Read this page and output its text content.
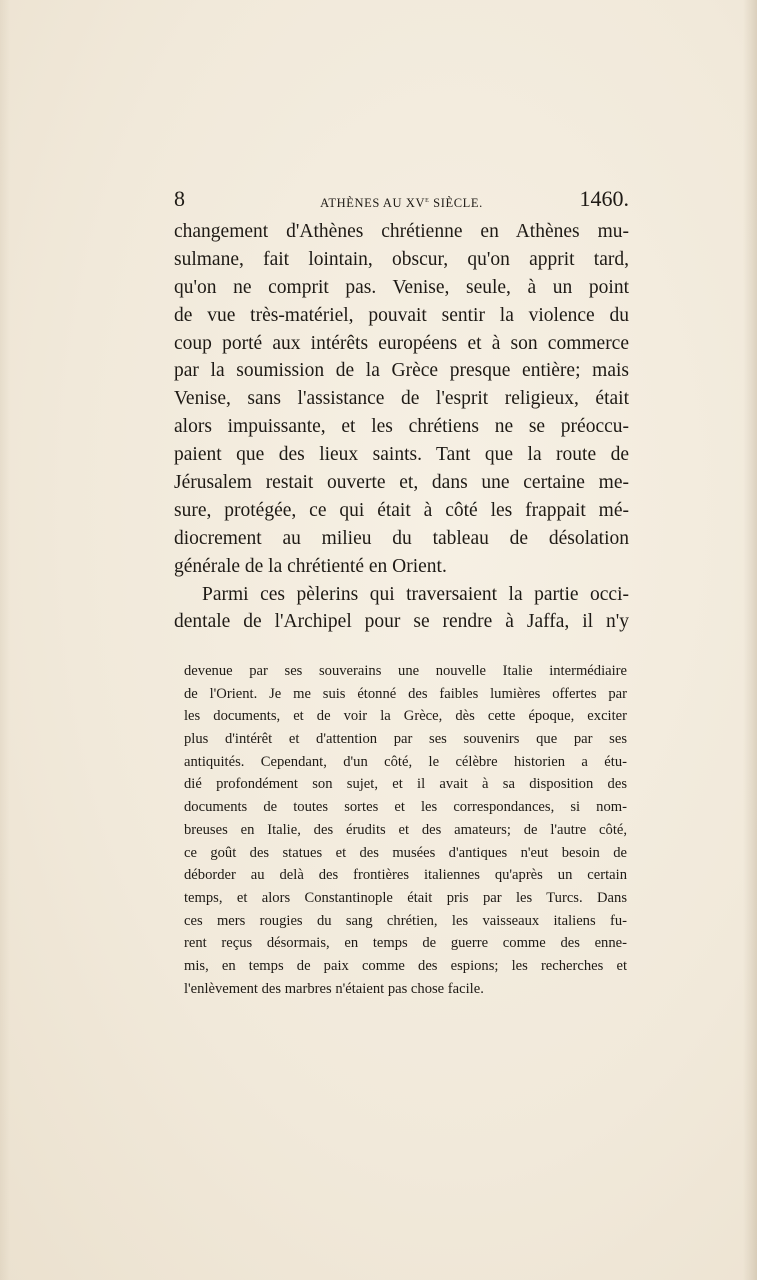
8	ATHÈNES AU XVe SIÈCLE.	1460.
changement d'Athènes chrétienne en Athènes mu-
sulmane, fait lointain, obscur, qu'on apprit tard,
qu'on ne comprit pas. Venise, seule, à un point
de vue très-matériel, pouvait sentir la violence du
coup porté aux intérêts européens et à son commerce
par la soumission de la Grèce presque entière; mais
Venise, sans l'assistance de l'esprit religieux, était
alors impuissante, et les chrétiens ne se préoccu-
paient que des lieux saints. Tant que la route de
Jérusalem restait ouverte et, dans une certaine me-
sure, protégée, ce qui était à côté les frappait mé-
diocrement au milieu du tableau de désolation
générale de la chrétienté en Orient.
Parmi ces pèlerins qui traversaient la partie occi-
dentale de l'Archipel pour se rendre à Jaffa, il n'y
devenue par ses souverains une nouvelle Italie intermédiaire
de l'Orient. Je me suis étonné des faibles lumières offertes par
les documents, et de voir la Grèce, dès cette époque, exciter
plus d'intérêt et d'attention par ses souvenirs que par ses
antiquités. Cependant, d'un côté, le célèbre historien a étu-
dié profondément son sujet, et il avait à sa disposition des
documents de toutes sortes et les correspondances, si nom-
breuses en Italie, des érudits et des amateurs; de l'autre côté,
ce goût des statues et des musées d'antiques n'eut besoin de
déborder au delà des frontières italiennes qu'après un certain
temps, et alors Constantinople était pris par les Turcs. Dans
ces mers rougies du sang chrétien, les vaisseaux italiens fu-
rent reçus désormais, en temps de guerre comme des enne-
mis, en temps de paix comme des espions; les recherches et
l'enlèvement des marbres n'étaient pas chose facile.
